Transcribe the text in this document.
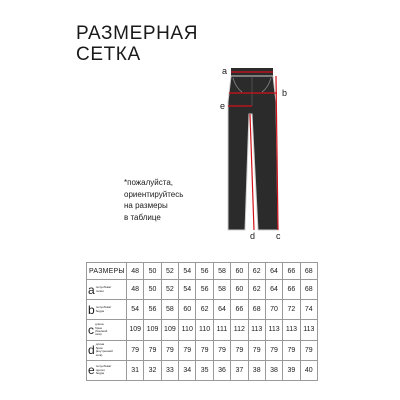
РАЗМЕРНАЯ
СЕТКА
a
b
e
d c
*пожалуйста,
ориентируйтесь
на размеры
в таблице
РАЗМЕРЫ	48	50	52	54	56	58	60	62	64	66	68
aполуобхват талии	48	50	52	54	56	58	60	62	64	66	68
bполуобхват бедра	54	56	58	60	62	64	66	68	70	72	74
cдлина брюк (боковой шов)	109	109	109	110	110	111	112	113	113	113	113
dдлина брюк (внутренний шов)	79	79	79	79	79	79	79	79	79	79	79
eполуобхват одного бедра	31	32	33	34	35	36	37	38	38	39	40
